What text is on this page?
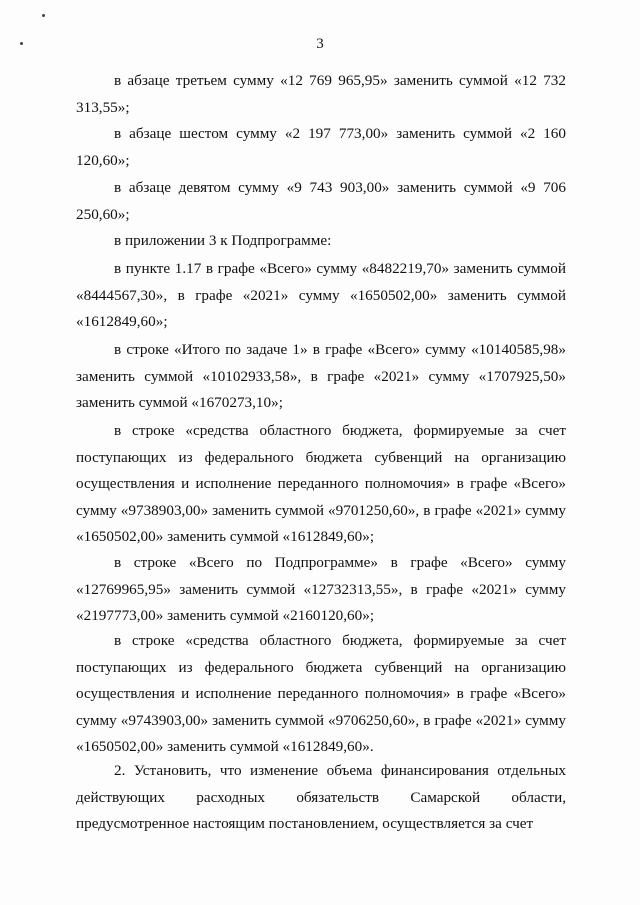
3

в абзаце третьем сумму «12 769 965,95» заменить суммой «12 732 313,55»;

в абзаце шестом сумму «2 197 773,00» заменить суммой «2 160 120,60»;

в абзаце девятом сумму «9 743 903,00» заменить суммой «9 706 250,60»;

в приложении 3 к Подпрограмме:

в пункте 1.17 в графе «Всего» сумму «8482219,70» заменить суммой «8444567,30», в графе «2021» сумму «1650502,00» заменить суммой «1612849,60»;

в строке «Итого по задаче 1» в графе «Всего» сумму «10140585,98» заменить суммой «10102933,58», в графе «2021» сумму «1707925,50» заменить суммой «1670273,10»;

в строке «средства областного бюджета, формируемые за счет поступающих из федерального бюджета субвенций на организацию осуществления и исполнение переданного полномочия» в графе «Всего» сумму «9738903,00» заменить суммой «9701250,60», в графе «2021» сумму «1650502,00» заменить суммой «1612849,60»;

в строке «Всего по Подпрограмме» в графе «Всего» сумму «12769965,95» заменить суммой «12732313,55», в графе «2021» сумму «2197773,00» заменить суммой «2160120,60»;

в строке «средства областного бюджета, формируемые за счет поступающих из федерального бюджета субвенций на организацию осуществления и исполнение переданного полномочия» в графе «Всего» сумму «9743903,00» заменить суммой «9706250,60», в графе «2021» сумму «1650502,00» заменить суммой «1612849,60».

2. Установить, что изменение объема финансирования отдельных действующих расходных обязательств Самарской области, предусмотренное настоящим постановлением, осуществляется за счет
